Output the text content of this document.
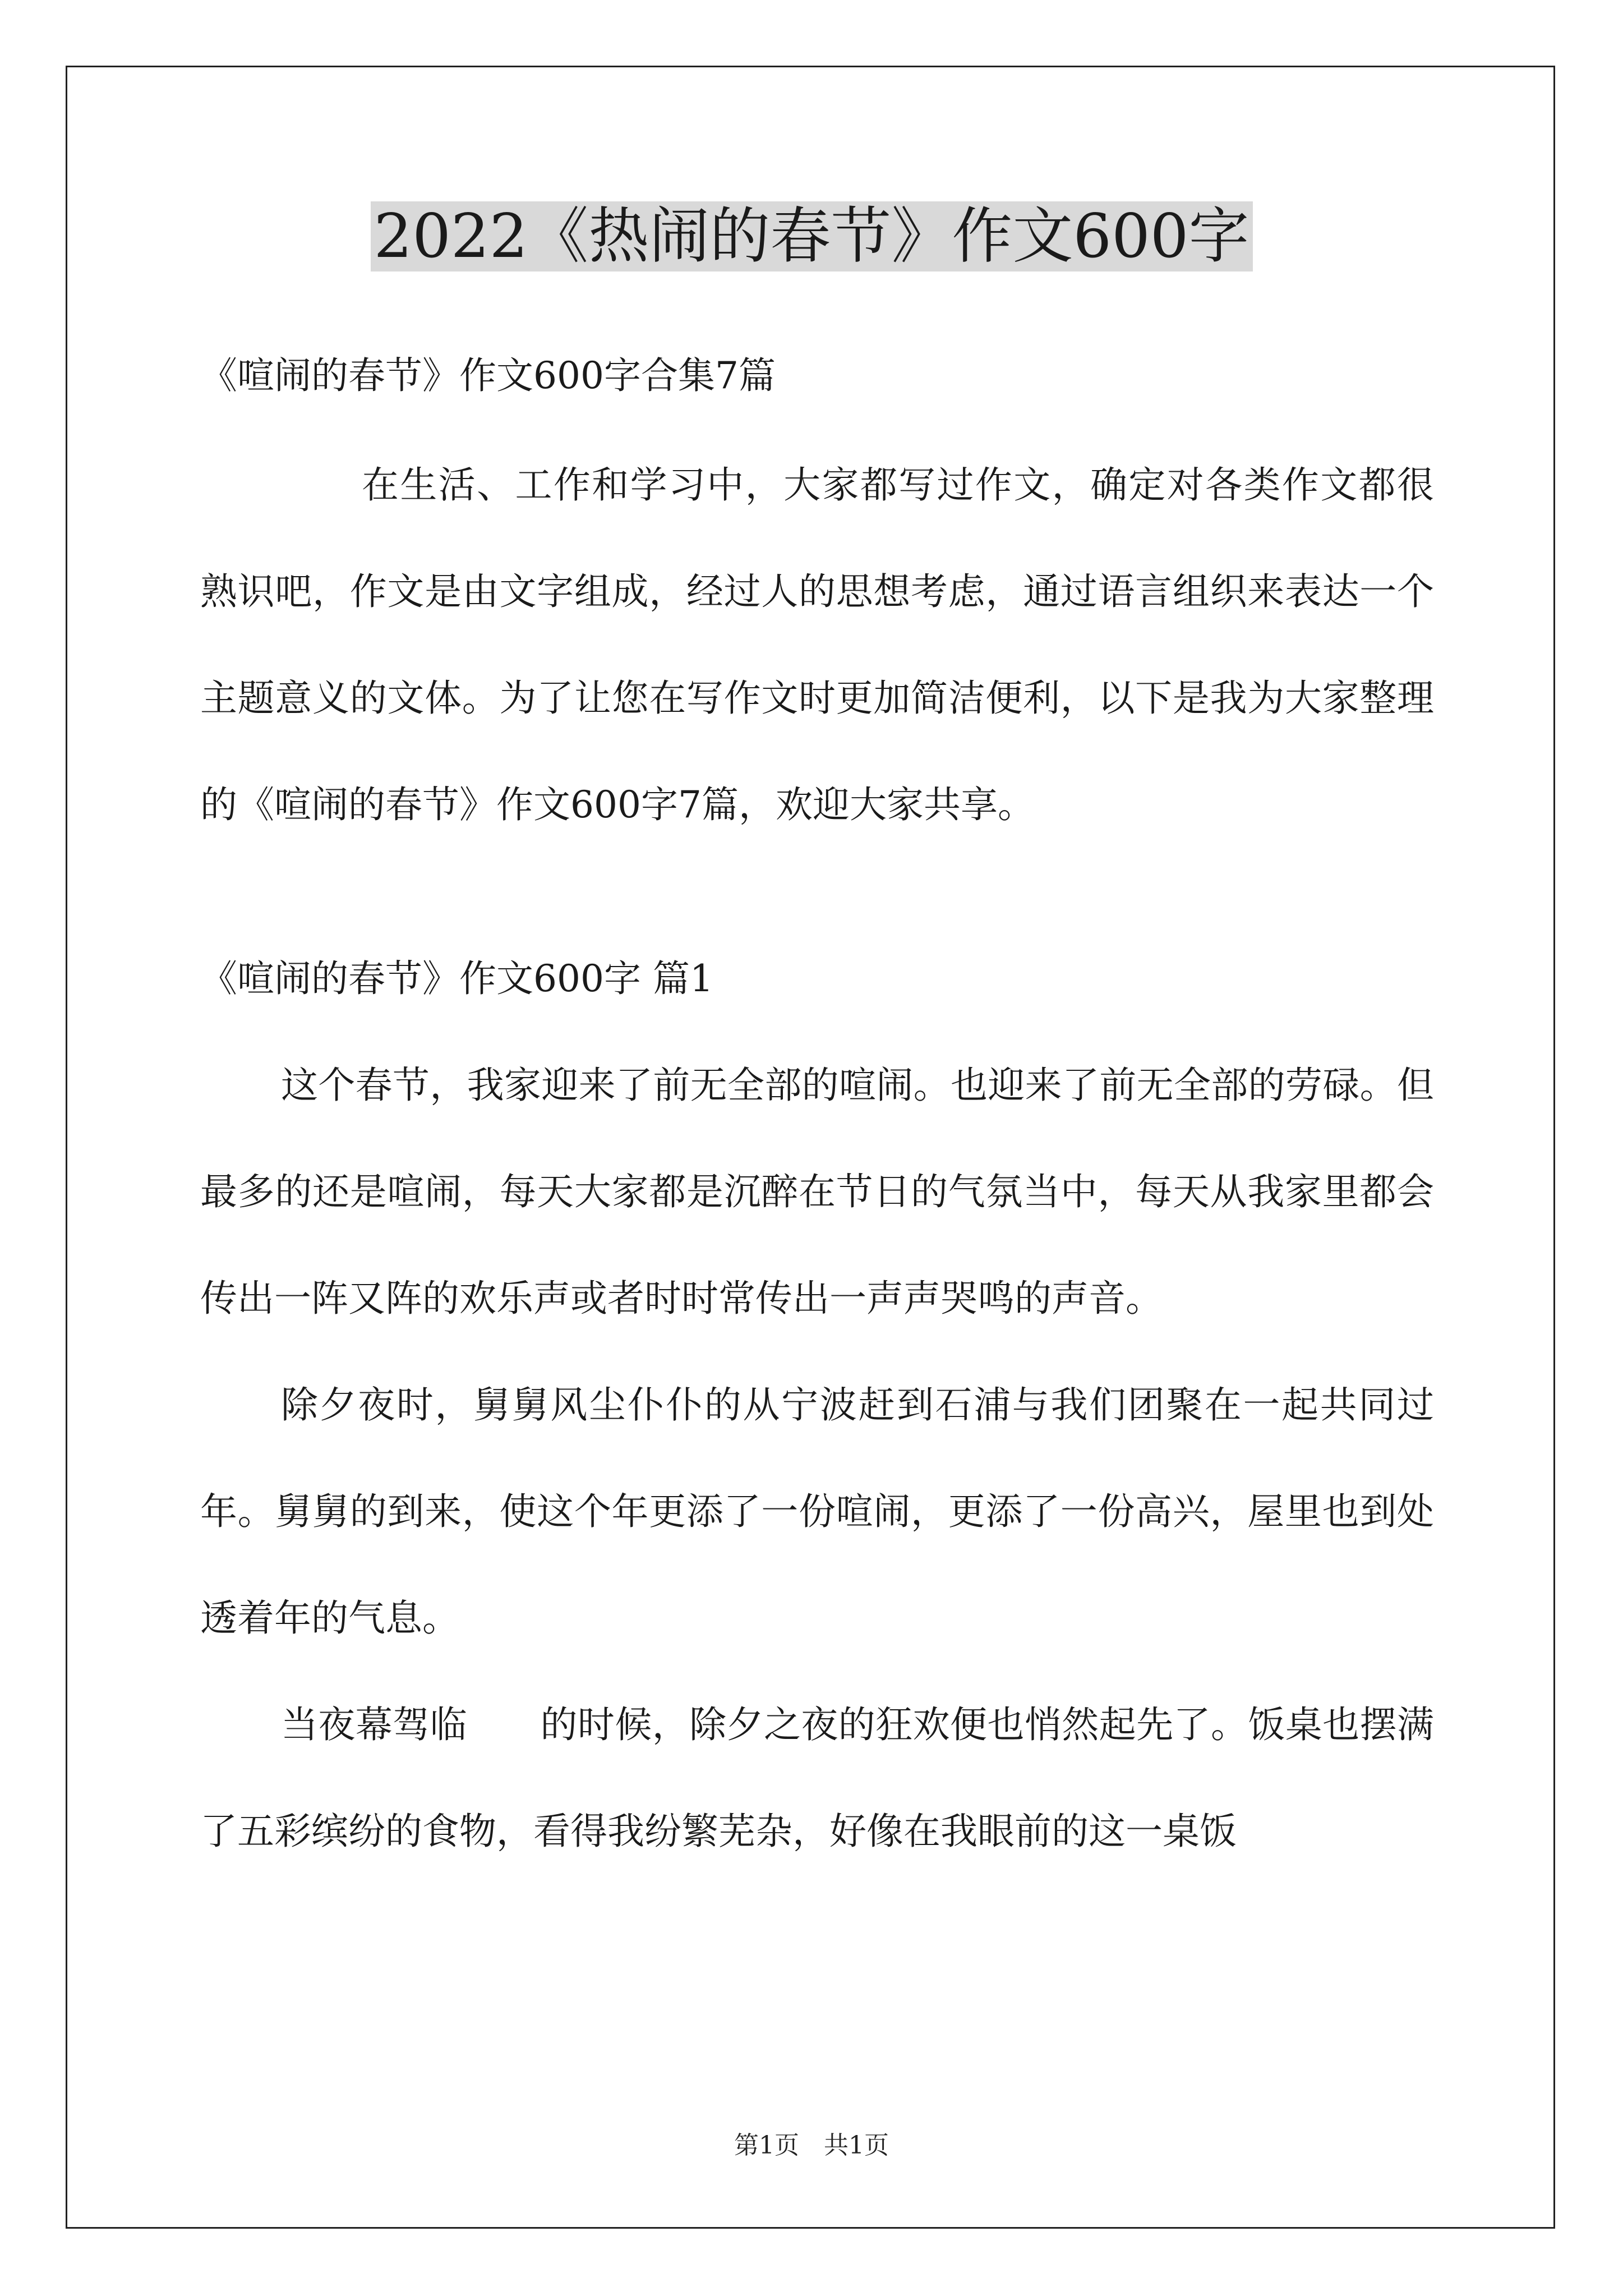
2022《热闹的春节》作文600字

《喧闹的春节》作文600字合集7篇

在生活、工作和学习中，大家都写过作文，确定对各类作文都很熟识吧，作文是由文字组成，经过人的思想考虑，通过语言组织来表达一个主题意义的文体。为了让您在写作文时更加简洁便利，以下是我为大家整理的《喧闹的春节》作文600字7篇，欢迎大家共享。

《喧闹的春节》作文600字 篇1

这个春节，我家迎来了前无全部的喧闹。也迎来了前无全部的劳碌。但最多的还是喧闹，每天大家都是沉醉在节日的气氛当中，每天从我家里都会传出一阵又阵的欢乐声或者时时常传出一声声哭鸣的声音。

除夕夜时，舅舅风尘仆仆的从宁波赶到石浦与我们团聚在一起共同过年。舅舅的到来，使这个年更添了一份喧闹，更添了一份高兴，屋里也到处透着年的气息。

当夜幕驾临 的时候，除夕之夜的狂欢便也悄然起先了。饭桌也摆满了五彩缤纷的食物，看得我纷繁芜杂，好像在我眼前的这一桌饭

第1页　共1页
